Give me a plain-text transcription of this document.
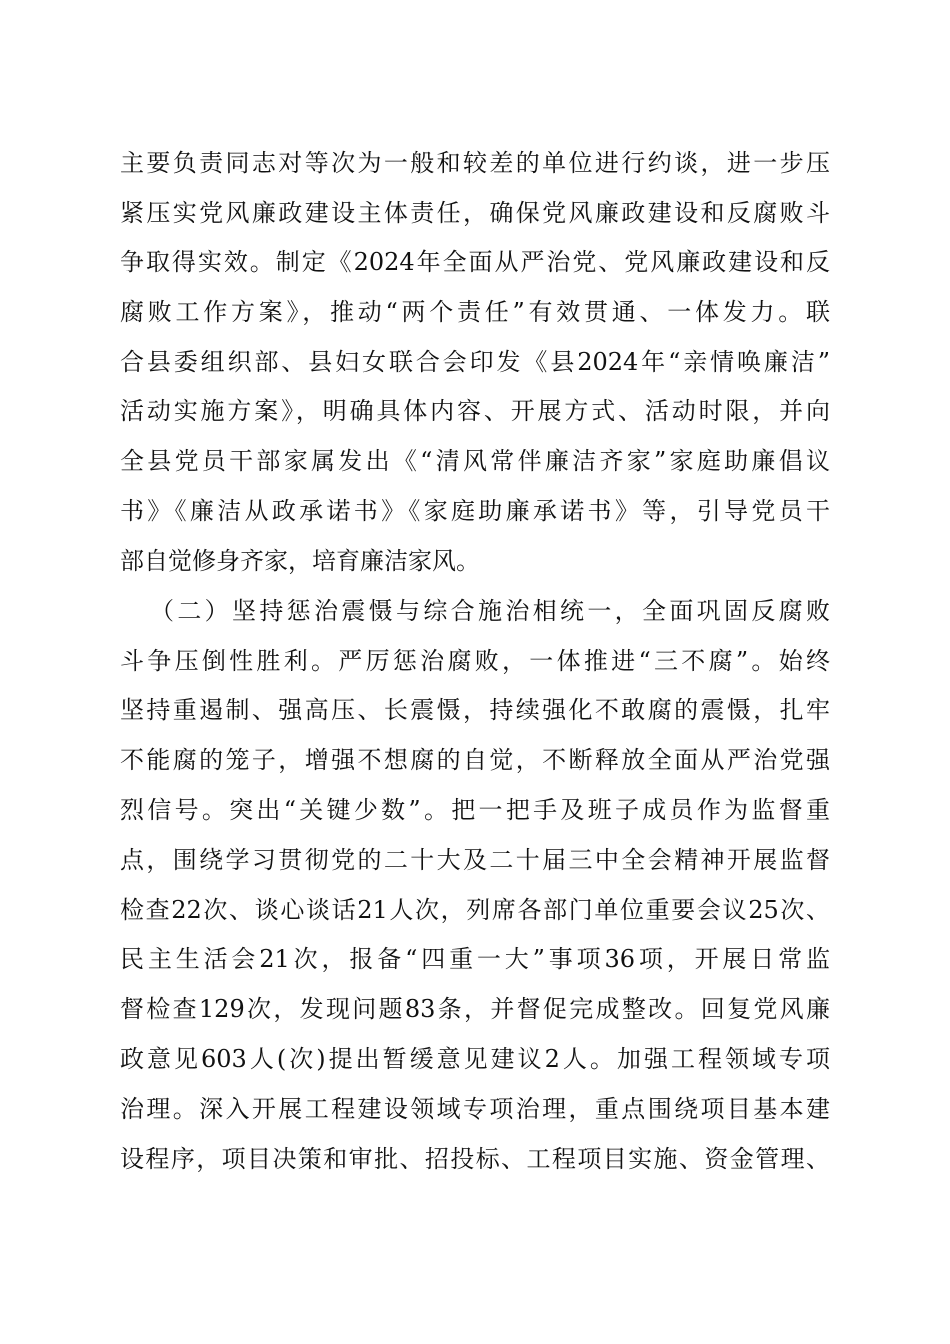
主要负责同志对等次为一般和较差的单位进行约谈，进一步压
紧压实党风廉政建设主体责任，确保党风廉政建设和反腐败斗
争取得实效。制定《2024年全面从严治党、党风廉政建设和反
腐败工作方案》，推动“两个责任”有效贯通、一体发力。联
合县委组织部、县妇女联合会印发《县2024年“亲情唤廉洁”
活动实施方案》，明确具体内容、开展方式、活动时限，并向
全县党员干部家属发出《“清风常伴廉洁齐家”家庭助廉倡议
书》《廉洁从政承诺书》《家庭助廉承诺书》等，引导党员干
部自觉修身齐家，培育廉洁家风。
（二）坚持惩治震慑与综合施治相统一，全面巩固反腐败
斗争压倒性胜利。严厉惩治腐败，一体推进“三不腐”。始终
坚持重遏制、强高压、长震慑，持续强化不敢腐的震慑，扎牢
不能腐的笼子，增强不想腐的自觉，不断释放全面从严治党强
烈信号。突出“关键少数”。把一把手及班子成员作为监督重
点，围绕学习贯彻党的二十大及二十届三中全会精神开展监督
检查22次、谈心谈话21人次，列席各部门单位重要会议25次、
民主生活会21次，报备“四重一大”事项36项，开展日常监
督检查129次，发现问题83条，并督促完成整改。回复党风廉
政意见603人(次)提出暂缓意见建议2人。加强工程领域专项
治理。深入开展工程建设领域专项治理，重点围绕项目基本建
设程序，项目决策和审批、招投标、工程项目实施、资金管理、
